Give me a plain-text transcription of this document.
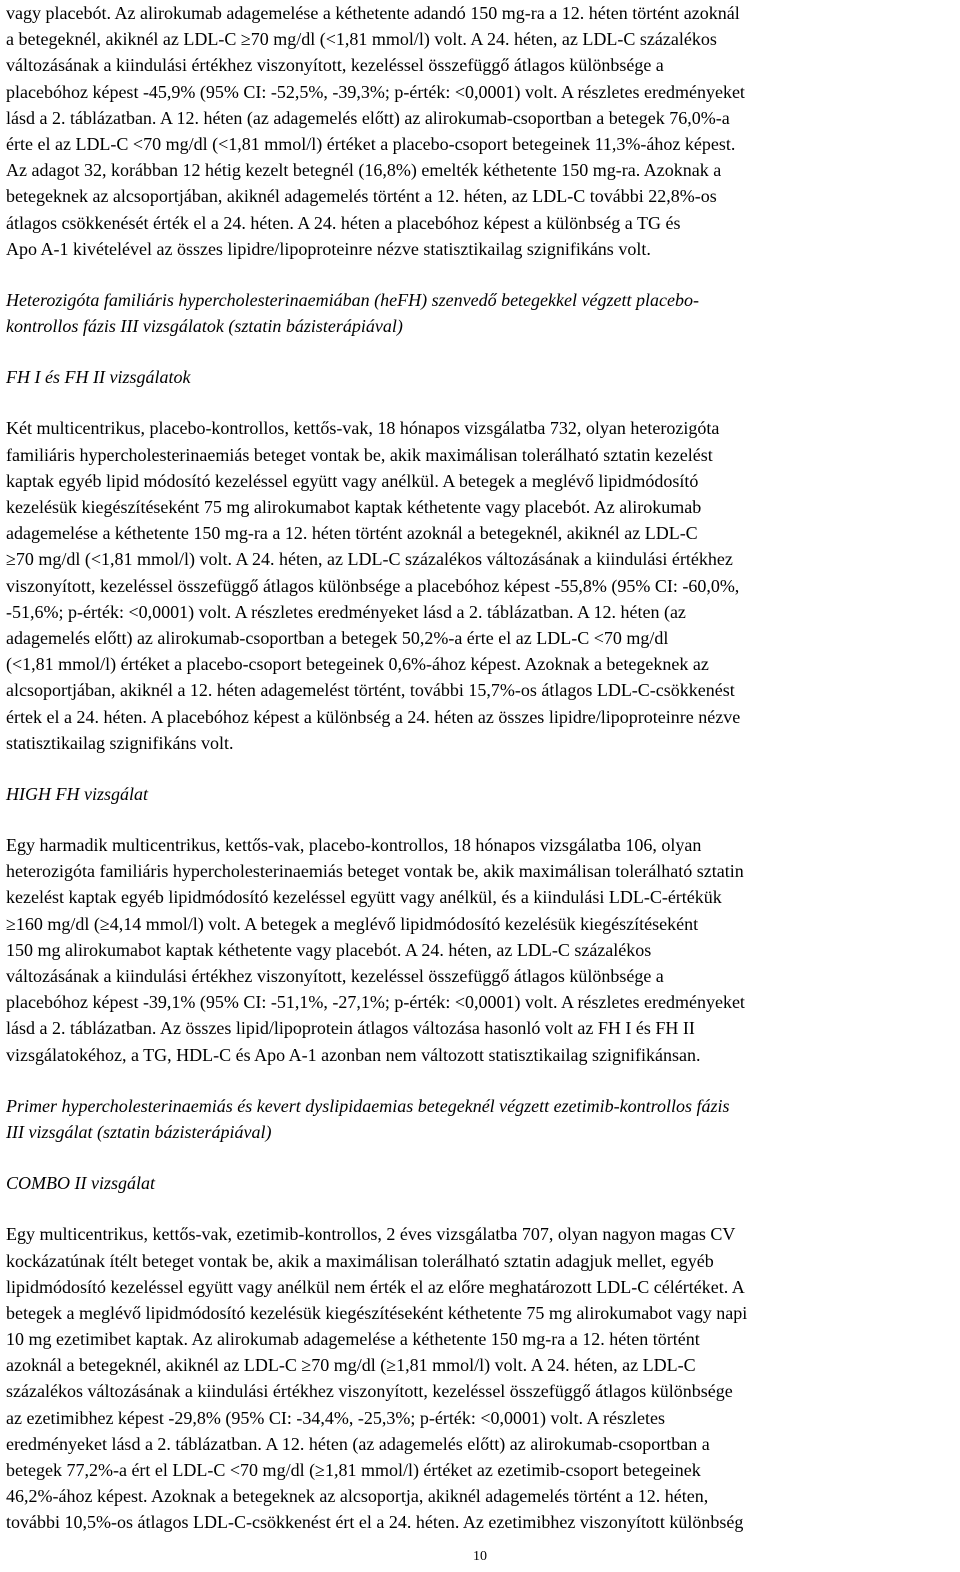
vagy placebót. Az alirokumab adagemelése a kéthetente adandó 150 mg-ra a 12. héten történt azoknál
a betegeknél, akiknél az LDL-C ≥70 mg/dl (<1,81 mmol/l) volt. A 24. héten, az LDL-C százalékos
változásának a kiindulási értékhez viszonyított, kezeléssel összefüggő átlagos különbsége a
placebóhoz képest -45,9% (95% CI: -52,5%, -39,3%; p-érték: <0,0001) volt. A részletes eredményeket
lásd a 2. táblázatban. A 12. héten (az adagemelés előtt) az alirokumab-csoportban a betegek 76,0%-a
érte el az LDL-C <70 mg/dl (<1,81 mmol/l) értéket a placebo-csoport betegeinek 11,3%-ához képest.
Az adagot 32, korábban 12 hétig kezelt betegnél (16,8%) emelték kéthetente 150 mg-ra. Azoknak a
betegeknek az alcsoportjában, akiknél adagemelés történt a 12. héten, az LDL-C további 22,8%-os
átlagos csökkenését érték el a 24. héten. A 24. héten a placebóhoz képest a különbség a TG és
Apo A-1 kivételével az összes lipidre/lipoproteinre nézve statisztikailag szignifikáns volt.
Heterozigóta familiáris hypercholesterinaemiában (heFH) szenvedő betegekkel végzett placebo-
kontrollos fázis III vizsgálatok (sztatin bázisterápiával)
FH I és FH II vizsgálatok
Két multicentrikus, placebo-kontrollos, kettős-vak, 18 hónapos vizsgálatba 732, olyan heterozigóta
familiáris hypercholesterinaemiás beteget vontak be, akik maximálisan tolerálható sztatin kezelést
kaptak egyéb lipid módosító kezeléssel együtt vagy anélkül. A betegek a meglévő lipidmódosító
kezelésük kiegészítéseként 75 mg alirokumabot kaptak kéthetente vagy placebót. Az alirokumab
adagemelése a kéthetente 150 mg-ra a 12. héten történt azoknál a betegeknél, akiknél az LDL-C
≥70 mg/dl (<1,81 mmol/l) volt. A 24. héten, az LDL-C százalékos változásának a kiindulási értékhez
viszonyított, kezeléssel összefüggő átlagos különbsége a placebóhoz képest -55,8% (95% CI: -60,0%,
-51,6%; p-érték: <0,0001) volt. A részletes eredményeket lásd a 2. táblázatban. A 12. héten (az
adagemelés előtt) az alirokumab-csoportban a betegek 50,2%-a érte el az LDL-C <70 mg/dl
(<1,81 mmol/l) értéket a placebo-csoport betegeinek 0,6%-ához képest. Azoknak a betegeknek az
alcsoportjában, akiknél a 12. héten adagemelést történt, további 15,7%-os átlagos LDL-C-csökkenést
értek el a 24. héten. A placebóhoz képest a különbség a 24. héten az összes lipidre/lipoproteinre nézve
statisztikailag szignifikáns volt.
HIGH FH vizsgálat
Egy harmadik multicentrikus, kettős-vak, placebo-kontrollos, 18 hónapos vizsgálatba 106, olyan
heterozigóta familiáris hypercholesterinaemiás beteget vontak be, akik maximálisan tolerálható sztatin
kezelést kaptak egyéb lipidmódosító kezeléssel együtt vagy anélkül, és a kiindulási LDL-C-értékük
≥160 mg/dl (≥4,14 mmol/l) volt. A betegek a meglévő lipidmódosító kezelésük kiegészítéseként
150 mg alirokumabot kaptak kéthetente vagy placebót. A 24. héten, az LDL-C százalékos
változásának a kiindulási értékhez viszonyított, kezeléssel összefüggő átlagos különbsége a
placebóhoz képest -39,1% (95% CI: -51,1%, -27,1%; p-érték: <0,0001) volt. A részletes eredményeket
lásd a 2. táblázatban. Az összes lipid/lipoprotein átlagos változása hasonló volt az FH I és FH II
vizsgálatokéhoz, a TG, HDL-C és Apo A-1 azonban nem változott statisztikailag szignifikánsan.
Primer hypercholesterinaemiás és kevert dyslipidaemias betegeknél végzett ezetimib-kontrollos fázis
III vizsgálat (sztatin bázisterápiával)
COMBO II vizsgálat
Egy multicentrikus, kettős-vak, ezetimib-kontrollos, 2 éves vizsgálatba 707, olyan nagyon magas CV
kockázatúnak ítélt beteget vontak be, akik a maximálisan tolerálható sztatin adagjuk mellet, egyéb
lipidmódosító kezeléssel együtt vagy anélkül nem érték el az előre meghatározott LDL-C célértéket. A
betegek a meglévő lipidmódosító kezelésük kiegészítéseként kéthetente 75 mg alirokumabot vagy napi
10 mg ezetimibet kaptak. Az alirokumab adagemelése a kéthetente 150 mg-ra a 12. héten történt
azoknál a betegeknél, akiknél az LDL-C ≥70 mg/dl (≥1,81 mmol/l) volt. A 24. héten, az LDL-C
százalékos változásának a kiindulási értékhez viszonyított, kezeléssel összefüggő átlagos különbsége
az ezetimibhez képest -29,8% (95% CI: -34,4%, -25,3%; p-érték: <0,0001) volt. A részletes
eredményeket lásd a 2. táblázatban. A 12. héten (az adagemelés előtt) az alirokumab-csoportban a
betegek 77,2%-a ért el LDL-C <70 mg/dl (≥1,81 mmol/l) értéket az ezetimib-csoport betegeinek
46,2%-ához képest. Azoknak a betegeknek az alcsoportja, akiknél adagemelés történt a 12. héten,
további 10,5%-os átlagos LDL-C-csökkenést ért el a 24. héten. Az ezetimibhez viszonyított különbség
10
